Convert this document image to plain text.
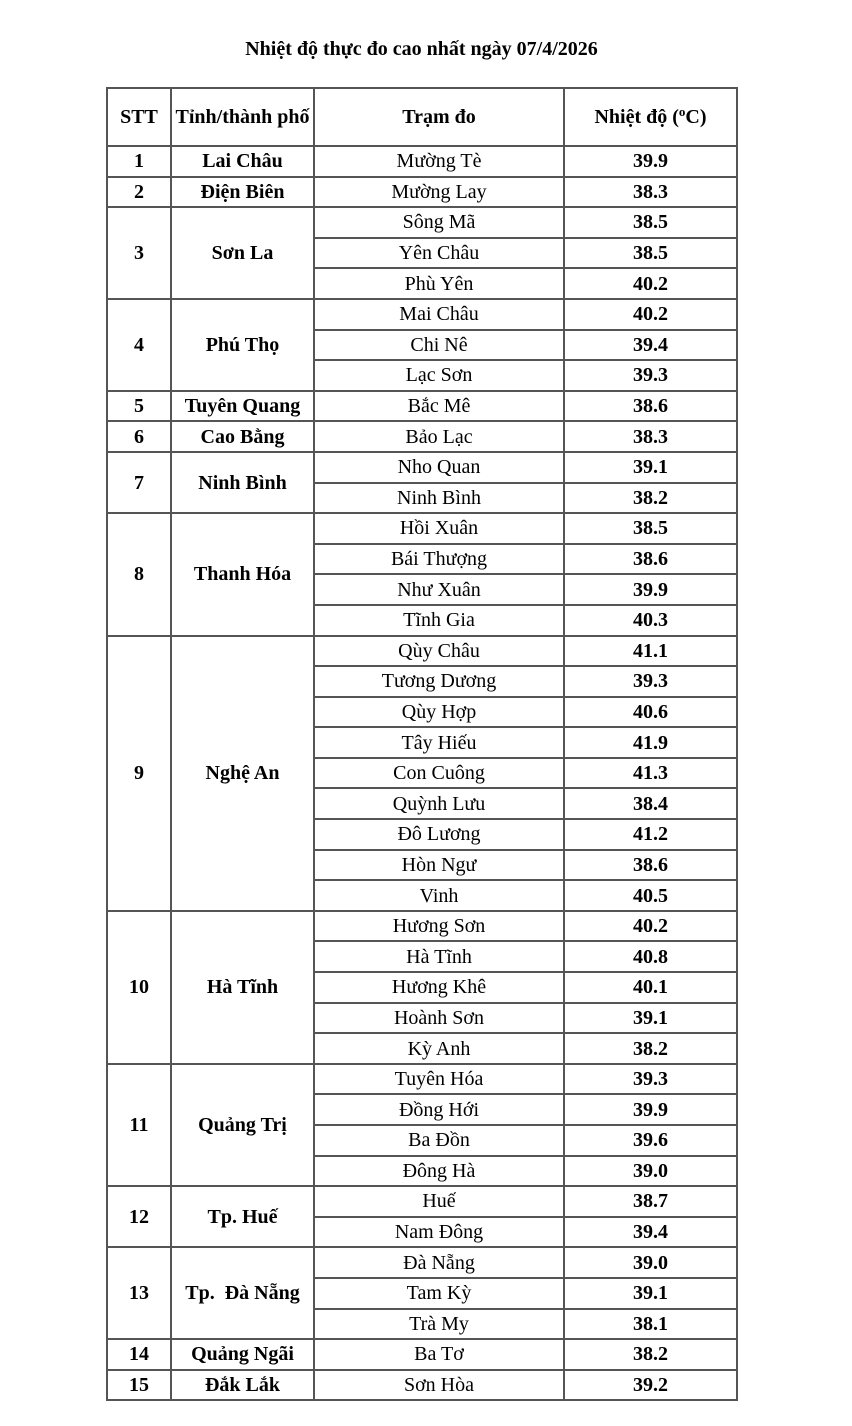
Nhiệt độ thực đo cao nhất ngày 07/4/2026
STT	Tỉnh/thành phố	Trạm đo	Nhiệt độ ($^o$C)
1	Lai Châu	Mường Tè	39.9
2	Điện Biên	Mường Lay	38.3
3	Sơn La	Sông Mã	38.5
		Yên Châu	38.5
		Phù Yên	40.2
4	Phú Thọ	Mai Châu	40.2
		Chi Nê	39.4
		Lạc Sơn	39.3
5	Tuyên Quang	Bắc Mê	38.6
6	Cao Bằng	Bảo Lạc	38.3
7	Ninh Bình	Nho Quan	39.1
		Ninh Bình	38.2
8	Thanh Hóa	Hồi Xuân	38.5
		Bái Thượng	38.6
		Như Xuân	39.9
		Tĩnh Gia	40.3
9	Nghệ An	Qùy Châu	41.1
		Tương Dương	39.3
		Qùy Hợp	40.6
		Tây Hiếu	41.9
		Con Cuông	41.3
		Quỳnh Lưu	38.4
		Đô Lương	41.2
		Hòn Ngư	38.6
		Vinh	40.5
10	Hà Tĩnh	Hương Sơn	40.2
		Hà Tĩnh	40.8
		Hương Khê	40.1
		Hoành Sơn	39.1
		Kỳ Anh	38.2
11	Quảng Trị	Tuyên Hóa	39.3
		Đồng Hới	39.9
		Ba Đồn	39.6
		Đông Hà	39.0
12	Tp. Huế	Huế	38.7
		Nam Đông	39.4
13	Tp.  Đà Nẵng	Đà Nẵng	39.0
		Tam Kỳ	39.1
		Trà My	38.1
14	Quảng Ngãi	Ba Tơ	38.2
15	Đắk Lắk	Sơn Hòa	39.2
